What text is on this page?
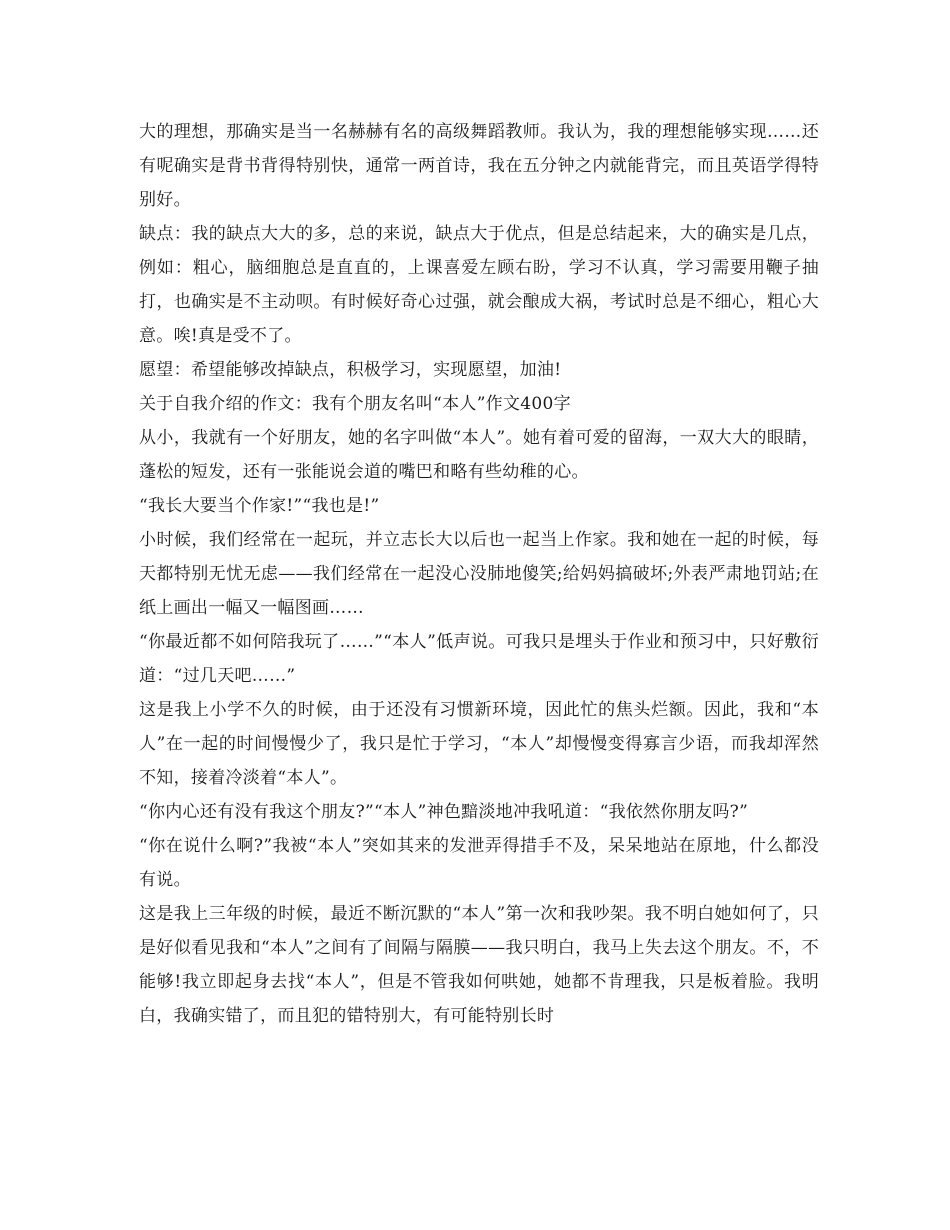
大的理想，那确实是当一名赫赫有名的高级舞蹈教师。我认为，我的理想能够实现……还有呢确实是背书背得特别快，通常一两首诗，我在五分钟之内就能背完，而且英语学得特别好。

缺点：我的缺点大大的多，总的来说，缺点大于优点，但是总结起来，大的确实是几点，例如：粗心，脑细胞总是直直的，上课喜爱左顾右盼，学习不认真，学习需要用鞭子抽打，也确实是不主动呗。有时候好奇心过强，就会酿成大祸，考试时总是不细心，粗心大意。唉!真是受不了。

愿望：希望能够改掉缺点，积极学习，实现愿望，加油!

关于自我介绍的作文：我有个朋友名叫“本人”作文400字

从小，我就有一个好朋友，她的名字叫做“本人”。她有着可爱的留海，一双大大的眼睛，蓬松的短发，还有一张能说会道的嘴巴和略有些幼稚的心。

“我长大要当个作家!”“我也是!”

小时候，我们经常在一起玩，并立志长大以后也一起当上作家。我和她在一起的时候，每天都特别无忧无虑——我们经常在一起没心没肺地傻笑;给妈妈搞破坏;外表严肃地罚站;在纸上画出一幅又一幅图画……

“你最近都不如何陪我玩了……”“本人”低声说。可我只是埋头于作业和预习中，只好敷衍道：“过几天吧……”

这是我上小学不久的时候，由于还没有习惯新环境，因此忙的焦头烂额。因此，我和“本人”在一起的时间慢慢少了，我只是忙于学习，“本人”却慢慢变得寡言少语，而我却浑然不知，接着冷淡着“本人”。

“你内心还有没有我这个朋友?”“本人”神色黯淡地冲我吼道：“我依然你朋友吗?”

“你在说什么啊?”我被“本人”突如其来的发泄弄得措手不及，呆呆地站在原地，什么都没有说。

这是我上三年级的时候，最近不断沉默的“本人”第一次和我吵架。我不明白她如何了，只是好似看见我和“本人”之间有了间隔与隔膜——我只明白，我马上失去这个朋友。不，不能够!我立即起身去找“本人”，但是不管我如何哄她，她都不肯理我，只是板着脸。我明白，我确实错了，而且犯的错特别大，有可能特别长时
